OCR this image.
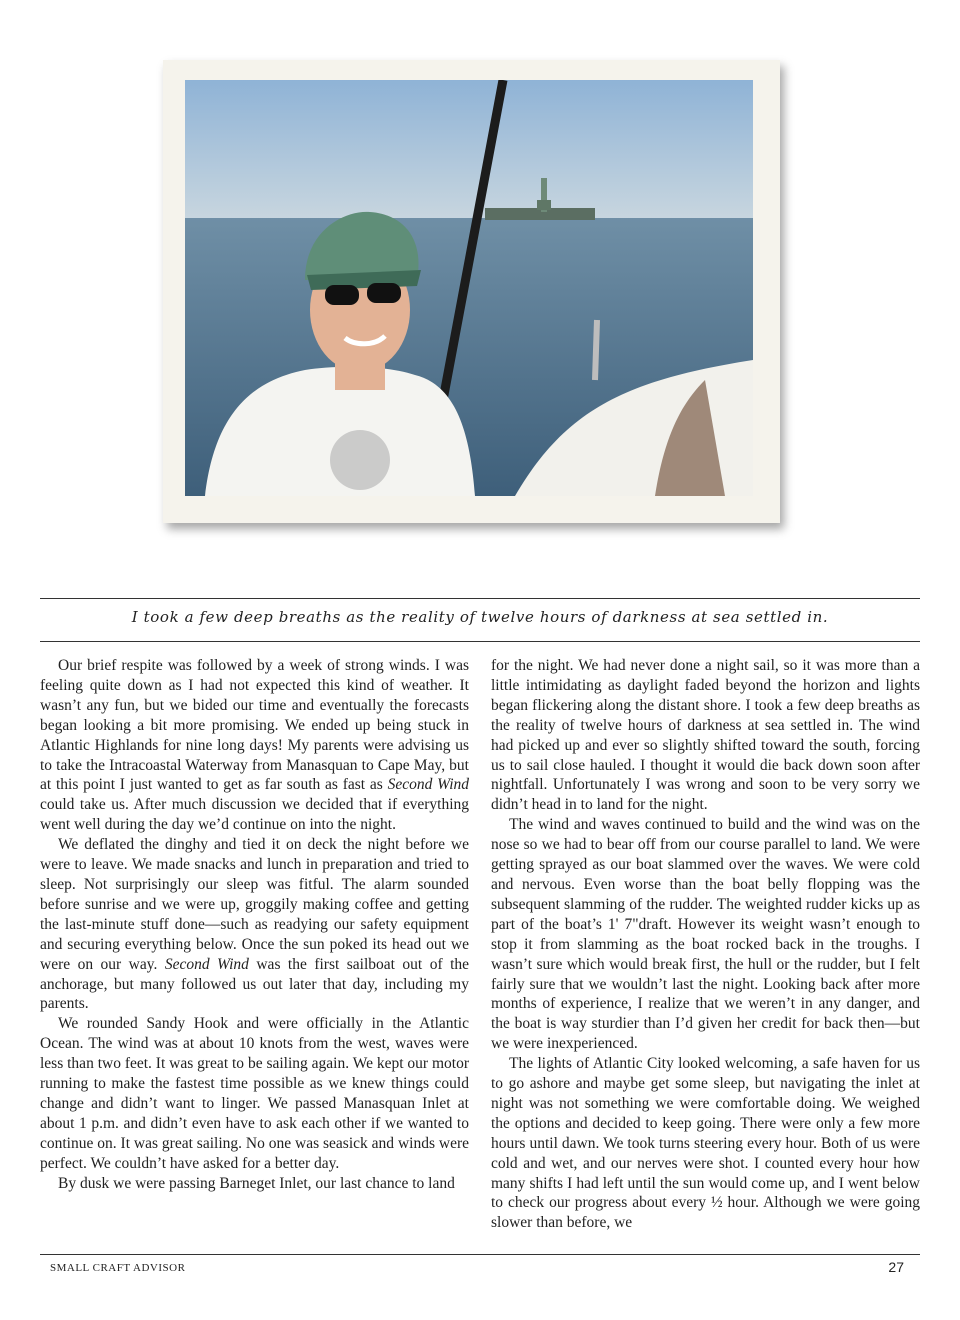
I took a few deep breaths as the reality of twelve hours of darkness at sea settled in.

Our brief respite was followed by a week of strong winds. I was feeling quite down as I had not expected this kind of weather. It wasn’t any fun, but we bided our time and eventually the forecasts began looking a bit more promising. We ended up being stuck in Atlantic Highlands for nine long days! My parents were advising us to take the Intracoastal Waterway from Manasquan to Cape May, but at this point I just wanted to get as far south as fast as Second Wind could take us. After much discussion we decided that if everything went well during the day we’d continue on into the night.

We deflated the dinghy and tied it on deck the night before we were to leave. We made snacks and lunch in preparation and tried to sleep. Not surprisingly our sleep was fitful. The alarm sounded before sunrise and we were up, groggily making coffee and getting the last-minute stuff done—such as readying our safety equipment and securing everything below. Once the sun poked its head out we were on our way. Second Wind was the first sailboat out of the anchorage, but many followed us out later that day, including my parents.

We rounded Sandy Hook and were officially in the Atlantic Ocean. The wind was at about 10 knots from the west, waves were less than two feet. It was great to be sailing again. We kept our motor running to make the fastest time possible as we knew things could change and didn’t want to linger. We passed Manasquan Inlet at about 1 p.m. and didn’t even have to ask each other if we wanted to continue on. It was great sailing. No one was seasick and winds were perfect. We couldn’t have asked for a better day.

By dusk we were passing Barneget Inlet, our last chance to land

for the night. We had never done a night sail, so it was more than a little intimidating as daylight faded beyond the horizon and lights began flickering along the distant shore. I took a few deep breaths as the reality of twelve hours of darkness at sea settled in. The wind had picked up and ever so slightly shifted toward the south, forcing us to sail close hauled. I thought it would die back down soon after nightfall. Unfortunately I was wrong and soon to be very sorry we didn’t head in to land for the night.

The wind and waves continued to build and the wind was on the nose so we had to bear off from our course parallel to land. We were getting sprayed as our boat slammed over the waves. We were cold and nervous. Even worse than the boat belly flopping was the subsequent slamming of the rudder. The weighted rudder kicks up as part of the boat’s 1' 7"draft. However its weight wasn’t enough to stop it from slamming as the boat rocked back in the troughs. I wasn’t sure which would break first, the hull or the rudder, but I felt fairly sure that we wouldn’t last the night. Looking back after more months of experience, I realize that we weren’t in any danger, and the boat is way sturdier than I’d given her credit for back then—but we were inexperienced.

The lights of Atlantic City looked welcoming, a safe haven for us to go ashore and maybe get some sleep, but navigating the inlet at night was not something we were comfortable doing. We weighed the options and decided to keep going. There were only a few more hours until dawn. We took turns steering every hour. Both of us were cold and wet, and our nerves were shot. I counted every hour how many shifts I had left until the sun would come up, and I went below to check our progress about every ½ hour. Although we were going slower than before, we

SMALL CRAFT ADVISOR	27
